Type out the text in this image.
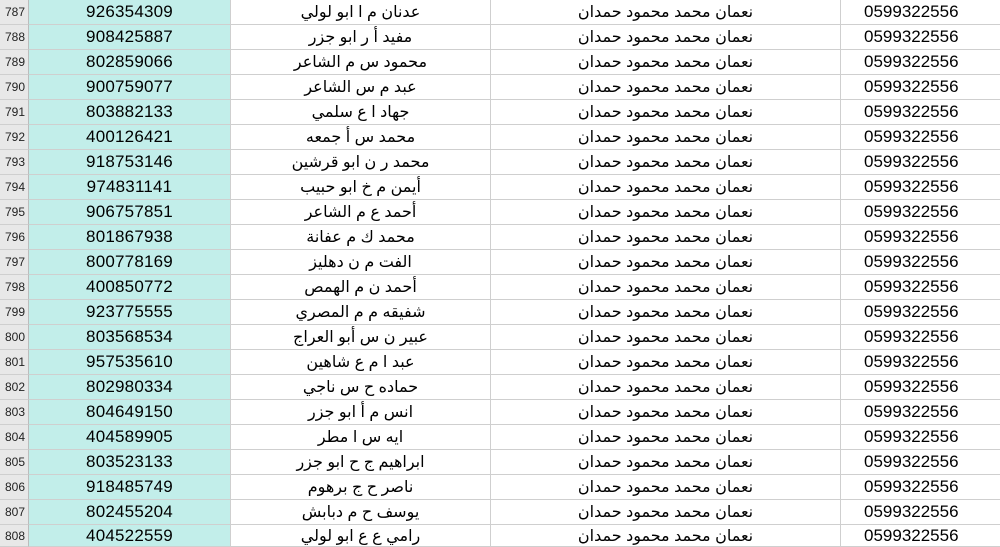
787	926354309	عدنان م ا ابو لولي	نعمان محمد محمود حمدان	0599322556
788	908425887	مفيد أ ر ابو جزر	نعمان محمد محمود حمدان	0599322556
789	802859066	محمود س م الشاعر	نعمان محمد محمود حمدان	0599322556
790	900759077	عبد م س الشاعر	نعمان محمد محمود حمدان	0599322556
791	803882133	جهاد ا ع سلمي	نعمان محمد محمود حمدان	0599322556
792	400126421	محمد س أ جمعه	نعمان محمد محمود حمدان	0599322556
793	918753146	محمد ر ن ابو قرشين	نعمان محمد محمود حمدان	0599322556
794	974831141	أيمن م خ ابو حبيب	نعمان محمد محمود حمدان	0599322556
795	906757851	أحمد ع م الشاعر	نعمان محمد محمود حمدان	0599322556
796	801867938	محمد ك م عفانة	نعمان محمد محمود حمدان	0599322556
797	800778169	الفت م ن دهليز	نعمان محمد محمود حمدان	0599322556
798	400850772	أحمد ن م الهمص	نعمان محمد محمود حمدان	0599322556
799	923775555	شفيقه م م المصري	نعمان محمد محمود حمدان	0599322556
800	803568534	عبير ن س أبو العراج	نعمان محمد محمود حمدان	0599322556
801	957535610	عبد ا م ع شاهين	نعمان محمد محمود حمدان	0599322556
802	802980334	حماده ح س ناجي	نعمان محمد محمود حمدان	0599322556
803	804649150	انس م أ ابو جزر	نعمان محمد محمود حمدان	0599322556
804	404589905	ايه س ا مطر	نعمان محمد محمود حمدان	0599322556
805	803523133	ابراهيم ج ح ابو جزر	نعمان محمد محمود حمدان	0599322556
806	918485749	ناصر ح ج برهوم	نعمان محمد محمود حمدان	0599322556
807	802455204	يوسف ح م دبابش	نعمان محمد محمود حمدان	0599322556
808	404522559	رامي ع ع ابو لولي	نعمان محمد محمود حمدان	0599322556
